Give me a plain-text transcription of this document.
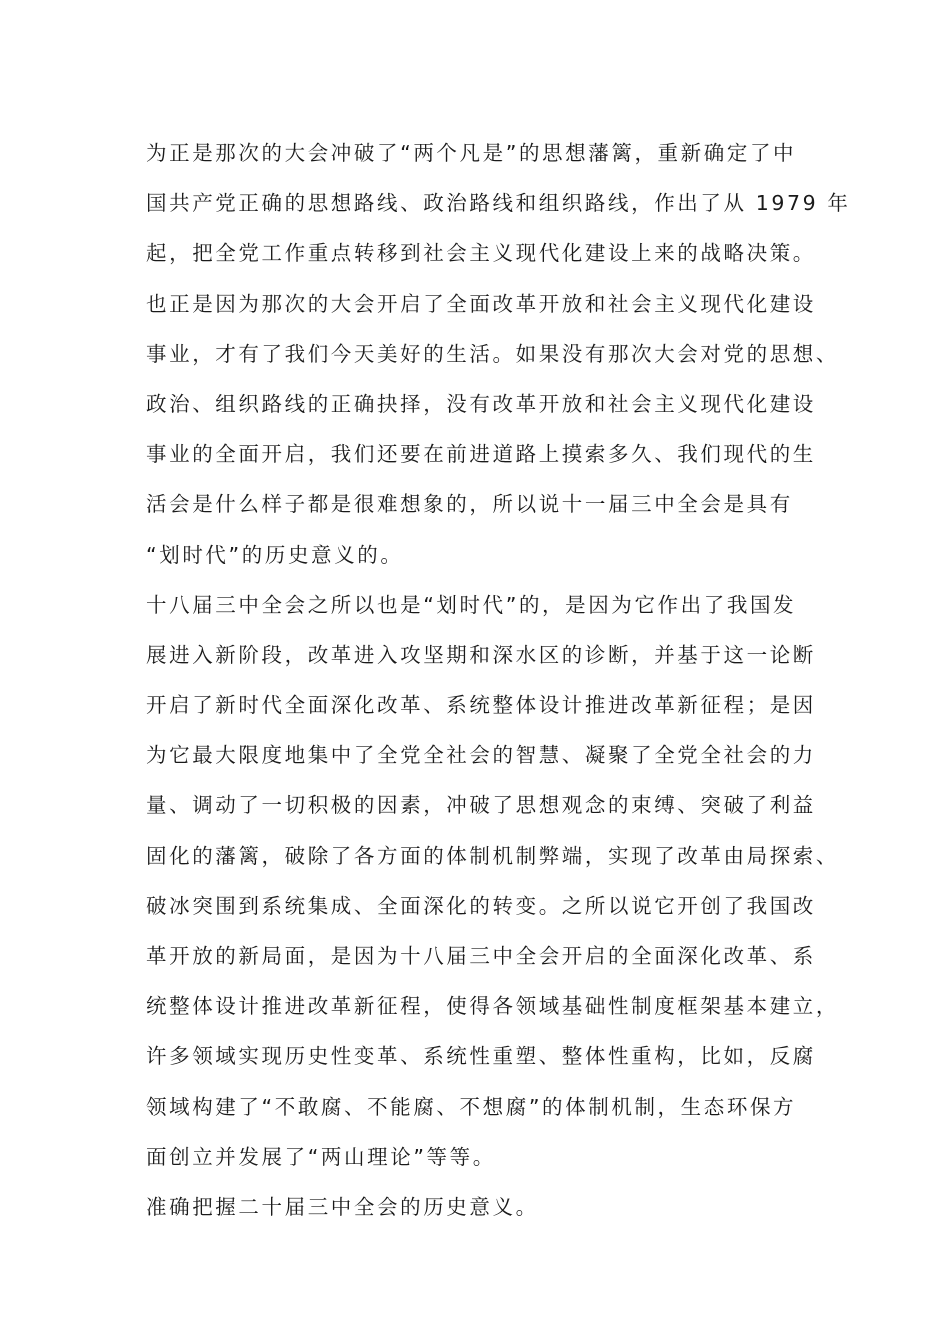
为正是那次的大会冲破了“两个凡是”的思想藩篱，重新确定了中
国共产党正确的思想路线、政治路线和组织路线，作出了从 1979 年
起，把全党工作重点转移到社会主义现代化建设上来的战略决策。
也正是因为那次的大会开启了全面改革开放和社会主义现代化建设
事业，才有了我们今天美好的生活。如果没有那次大会对党的思想、
政治、组织路线的正确抉择，没有改革开放和社会主义现代化建设
事业的全面开启，我们还要在前进道路上摸索多久、我们现代的生
活会是什么样子都是很难想象的，所以说十一届三中全会是具有
“划时代”的历史意义的。
十八届三中全会之所以也是“划时代”的，是因为它作出了我国发
展进入新阶段，改革进入攻坚期和深水区的诊断，并基于这一论断
开启了新时代全面深化改革、系统整体设计推进改革新征程；是因
为它最大限度地集中了全党全社会的智慧、凝聚了全党全社会的力
量、调动了一切积极的因素，冲破了思想观念的束缚、突破了利益
固化的藩篱，破除了各方面的体制机制弊端，实现了改革由局探索、
破冰突围到系统集成、全面深化的转变。之所以说它开创了我国改
革开放的新局面，是因为十八届三中全会开启的全面深化改革、系
统整体设计推进改革新征程，使得各领域基础性制度框架基本建立，
许多领域实现历史性变革、系统性重塑、整体性重构，比如，反腐
领域构建了“不敢腐、不能腐、不想腐”的体制机制，生态环保方
面创立并发展了“两山理论”等等。
准确把握二十届三中全会的历史意义。
